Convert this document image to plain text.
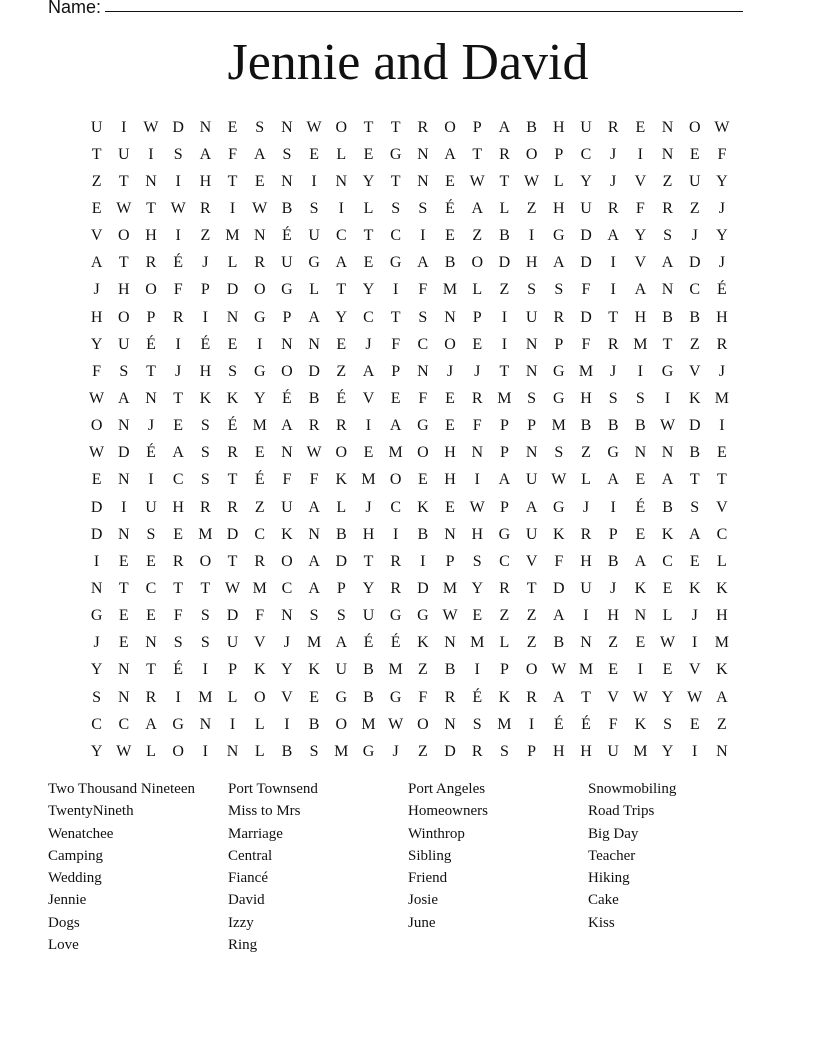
Name:
Jennie and David
U	I	W D N	E	S	N W O	T	T	R	O	P	A	B	H U	R	E	N O W
T	U	I	S	A	F	A	S	E	L	E	G N A	T	R	O	P	C	J	I	N	E	F
Z	T	N	I	H	T	E	N	I	N Y	T	N	E W T W L	Y	J	V	Z	U Y
E W T W R	I	W B	S	I	L	S	S	É	A	L	Z	H U	R	F	R	Z	J
V O H	I	Z M N	É	U	C	T	C	I	E	Z	B	I	G D A Y	S	J	Y
A	T	R	É	J	L	R	U G A	E	G A	B	O D H A D	I	V A D	J
J	H O	F	P	D O G	L	T	Y	I	F M L	Z	S	S	F	I	A N	C	É
H O	P	R	I	N G	P	A Y	C	T	S	N	P	I	U	R	D	T	H	B	B	H
Y U	É	I	É	E	I	N N	E	J	F	C	O	E	I	N	P	F	R M T	Z	R
F	S	T	J	H	S	G O D	Z	A	P	N	J	J	T	N G M	J	I	G V	J
W A N	T	K K Y	É	B	É	V	E	F	E	R M S	G H	S	S	I	K M
O N	J	E	S	É M A	R	R	I	A G	E	F	P	P M B	B	B W D	I
W D	É	A	S	R	E	N W O	E M O H N	P	N	S	Z	G N N	B	E
E	N	I	C	S	T	É	F	F	K M O	E	H	I	A U W L	A	E	A	T	T
D	I	U H	R	R	Z	U A	L	J	C	K	E W P	A G	J	I	É	B	S	V
D N	S	E M D	C	K N	B	H	I	B	N H G U K	R	P	E	K A	C
I	E	E	R	O	T	R	O A D	T	R	I	P	S	C	V	F	H	B	A	C	E	L
N	T	C	T	T W M C	A	P	Y	R	D M Y	R	T	D U	J	K	E	K K
G	E	E	F	S	D	F	N	S	S	U G G W E	Z	Z	A	I	H N	L	J	H
J	E	N	S	S	U V	J	M A	É	É	K N M L	Z	B	N	Z	E W	I	M
Y N	T	É	I	P	K Y K U	B M Z	B	I	P	O W M E	I	E	V K
S	N	R	I	M L	O V	E	G	B	G	F	R	É	K	R	A	T	V W Y W A
C	C	A G N	I	L	I	B	O M W O N	S M	I	É	É	F	K	S	E	Z
Y W L	O	I	N	L	B	S M G	J	Z	D	R	S	P	H H U M Y	I	N
Two Thousand Nineteen
TwentyNineth
Wenatchee
Camping
Wedding
Jennie
Dogs
Love
Port Townsend
Miss to Mrs
Marriage
Central
Fiancé
David
Izzy
Ring
Port Angeles
Homeowners
Winthrop
Sibling
Friend
Josie
June
Snowmobiling
Road Trips
Big Day
Teacher
Hiking
Cake
Kiss
